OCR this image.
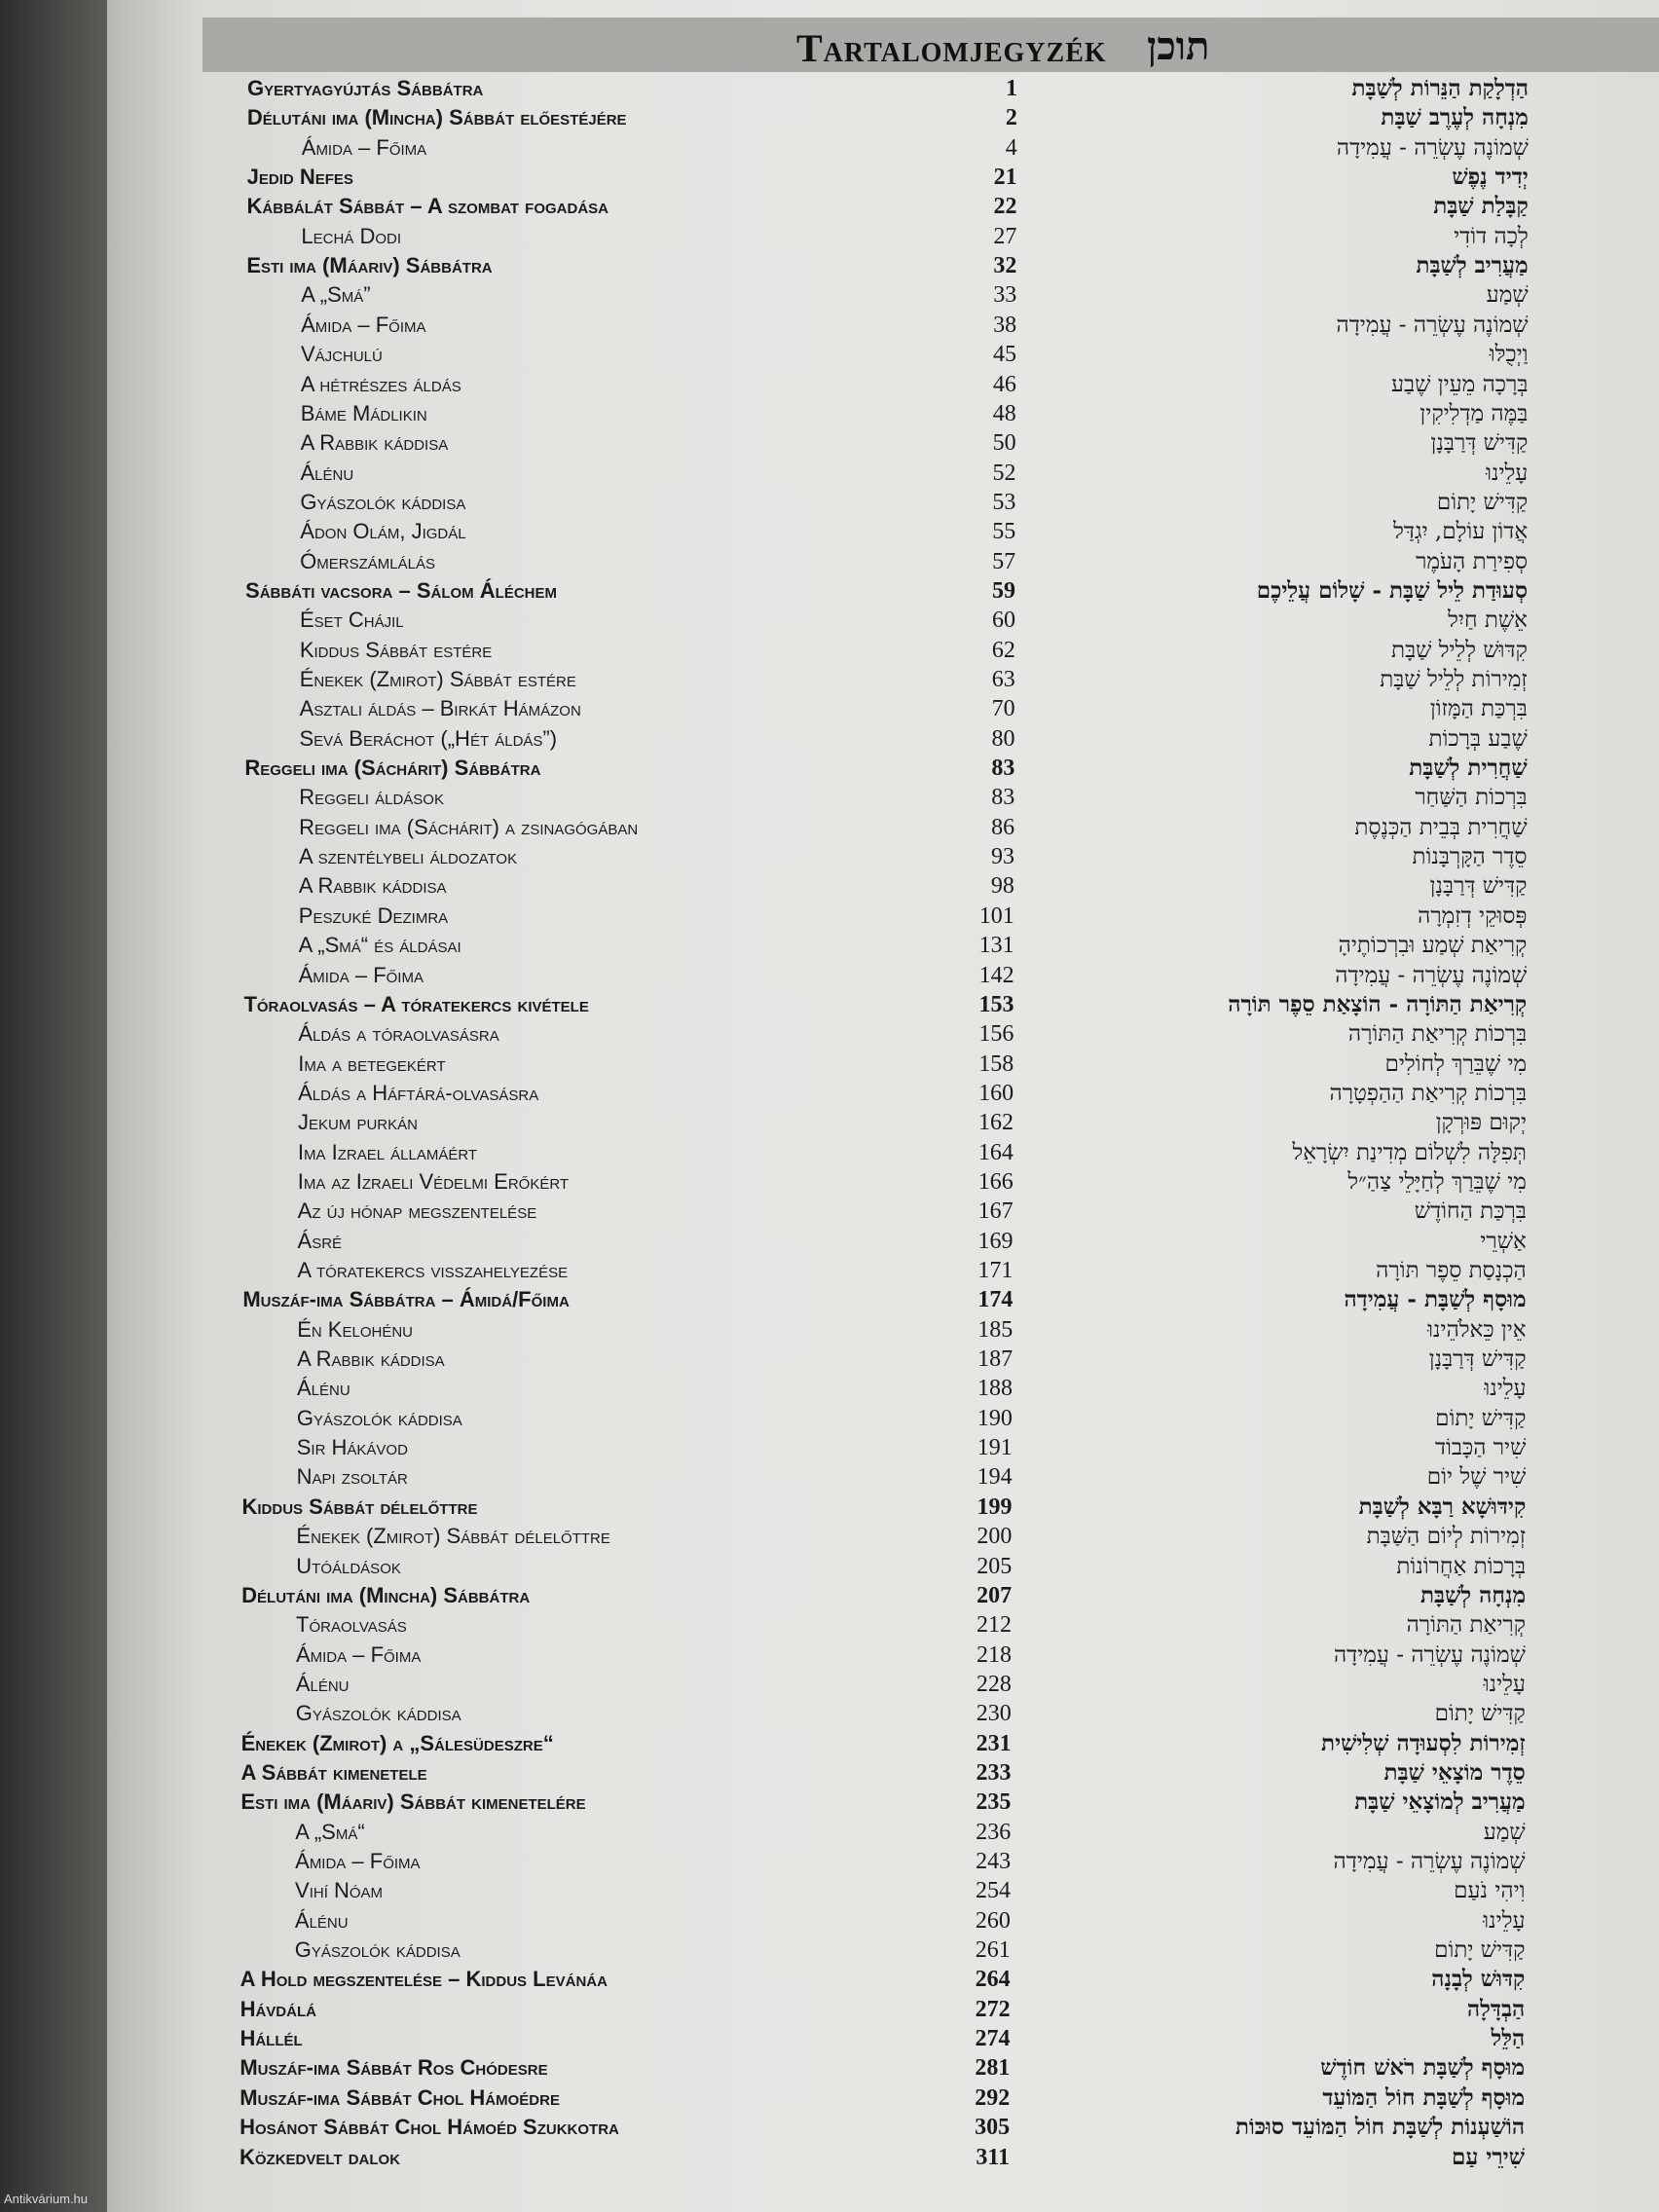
Tartalomjegyzék תוכן
Gyertyagyújtás Sábbátra	1	הַדְלָקַת הַנֵּרוֹת לְשַׁבָּת
Délutáni ima (Mincha) Sábbát előestéjére	2	מִנְחָה לְעֶרֶב שַׁבָּת
Ámida – Főima	4	שְׁמוֹנֶה עֶשְׂרֵה - עֲמִידָה
Jedid Nefes	21	יְדִיד נֶפֶשׁ
Kábbálát Sábbát – A szombat fogadása	22	קַבָּלַת שַׁבָּת
Lechá Dodi	27	לְכָה דוֹדִי
Esti ima (Máariv) Sábbátra	32	מַעֲרִיב לְשַׁבָּת
A „Smá”	33	שְׁמַע
Ámida – Főima	38	שְׁמוֹנֶה עֶשְׂרֵה - עֲמִידָה
Vájchulú	45	וַיְכֻלּוּ
A hétrészes áldás	46	בְּרָכָה מֵעֵין שֶׁבַע
Báme Mádlikin	48	בַּמֶּה מַדְלִיקִין
A Rabbik káddisa	50	קַדִּישׁ דְּרַבָּנָן
Álénu	52	עָלֵינוּ
Gyászolók káddisa	53	קַדִּישׁ יָתוֹם
Ádon Olám, Jigdál	55	אֲדוֹן עוֹלָם, יִגְדַּל
Ómerszámlálás	57	סְפִירַת הָעֹמֶר
Sábbáti vacsora – Sálom Áléchem	59	סְעוּדַת לֵיל שַׁבָּת - שָׁלוֹם עֲלֵיכֶם
Éset Chájil	60	אֵשֶׁת חַיִל
Kiddus Sábbát estére	62	קִדּוּשׁ לְלֵיל שַׁבָּת
Énekek (Zmirot) Sábbát estére	63	זְמִירוֹת לְלֵיל שַׁבָּת
Asztali áldás – Birkát Hámázon	70	בִּרְכַּת הַמָּזוֹן
Sevá Beráchot („Hét áldás”)	80	שֶׁבַע בְּרָכוֹת
Reggeli ima (Sáchárit) Sábbátra	83	שַׁחֲרִית לְשַׁבָּת
Reggeli áldások	83	בִּרְכוֹת הַשַּׁחַר
Reggeli ima (Sáchárit) a zsinagógában	86	שַׁחֲרִית בְּבֵית הַכְּנֶסֶת
A szentélybeli áldozatok	93	סֵדֶר הַקָּרְבָּנוֹת
A Rabbik káddisa	98	קַדִּישׁ דְּרַבָּנָן
Peszuké Dezimra	101	פְּסוּקֵי דְזִמְרָה
A „Smá“ és áldásai	131	קְרִיאַת שְׁמַע וּבִרְכוֹתֶיהָ
Ámida – Főima	142	שְׁמוֹנֶה עֶשְׂרֵה - עֲמִידָה
Tóraolvasás – A tóratekercs kivétele	153	קְרִיאַת הַתּוֹרָה - הוֹצָאַת סֵפֶר תּוֹרָה
Áldás a tóraolvasásra	156	בִּרְכוֹת קְרִיאַת הַתּוֹרָה
Ima a betegekért	158	מִי שֶׁבֵּרַךְ לְחוֹלִים
Áldás a Háftárá-olvasásra	160	בִּרְכוֹת קְרִיאַת הַהַפְטָרָה
Jekum purkán	162	יְקוּם פּוּרְקָן
Ima Izrael államáért	164	תְּפִלָּה לִשְׁלוֹם מְדִינַת יִשְׂרָאֵל
Ima az Izraeli Védelmi Erőkért	166	מִי שֶׁבֵּרַךְ לְחַיָּלֵי צַהַ״ל
Az új hónap megszentelése	167	בִּרְכַּת הַחוֹדֶשׁ
Ásré	169	אַשְׁרֵי
A tóratekercs visszahelyezése	171	הַכְנָסַת סֵפֶר תּוֹרָה
Muszáf-ima Sábbátra – Ámidá/Főima	174	מוּסָף לְשַׁבָּת - עֲמִידָה
Én Kelohénu	185	אֵין כֵּאלֹהֵינוּ
A Rabbik káddisa	187	קַדִּישׁ דְּרַבָּנָן
Álénu	188	עָלֵינוּ
Gyászolók káddisa	190	קַדִּישׁ יָתוֹם
Sir Hákávod	191	שִׁיר הַכָּבוֹד
Napi zsoltár	194	שִׁיר שֶׁל יוֹם
Kiddus Sábbát délelőttre	199	קִידּוּשָׁא רַבָּא לְשַׁבָּת
Énekek (Zmirot) Sábbát délelőttre	200	זְמִירוֹת לְיוֹם הַשַּׁבָּת
Utóáldások	205	בְּרָכוֹת אַחֲרוֹנוֹת
Délutáni ima (Mincha) Sábbátra	207	מִנְחָה לְשַׁבָּת
Tóraolvasás	212	קְרִיאַת הַתּוֹרָה
Ámida – Főima	218	שְׁמוֹנֶה עֶשְׂרֵה - עֲמִידָה
Álénu	228	עָלֵינוּ
Gyászolók káddisa	230	קַדִּישׁ יָתוֹם
Énekek (Zmirot) a „Sálesüdeszre“	231	זְמִירוֹת לִסְעוּדָה שְׁלִישִׁית
A Sábbát kimenetele	233	סֵדֶר מוֹצָאֵי שַׁבָּת
Esti ima (Máariv) Sábbát kimenetelére	235	מַעֲרִיב לְמוֹצָאֵי שַׁבָּת
A „Smá“	236	שְׁמַע
Ámida – Főima	243	שְׁמוֹנֶה עֶשְׂרֵה - עֲמִידָה
Vihí Nóam	254	וִיהִי נֹעַם
Álénu	260	עָלֵינוּ
Gyászolók káddisa	261	קַדִּישׁ יָתוֹם
A Hold megszentelése – Kiddus Levánáa	264	קִדּוּשׁ לְבָנָה
Hávdálá	272	הַבְדָּלָה
Hállél	274	הַלֵּל
Muszáf-ima Sábbát Ros Chódesre	281	מוּסָף לְשַׁבָּת רֹאשׁ חוֹדֶשׁ
Muszáf-ima Sábbát Chol Hámoédre	292	מוּסָף לְשַׁבָּת חוֹל הַמּוֹעֵד
Hosánot Sábbát Chol Hámoéd Szukkotra	305	הוֹשַׁעְנוֹת לְשַׁבָּת חוֹל הַמּוֹעֵד סוּכּוֹת
Közkedvelt dalok	311	שִׁירֵי עַם
Antikvárium.hu
